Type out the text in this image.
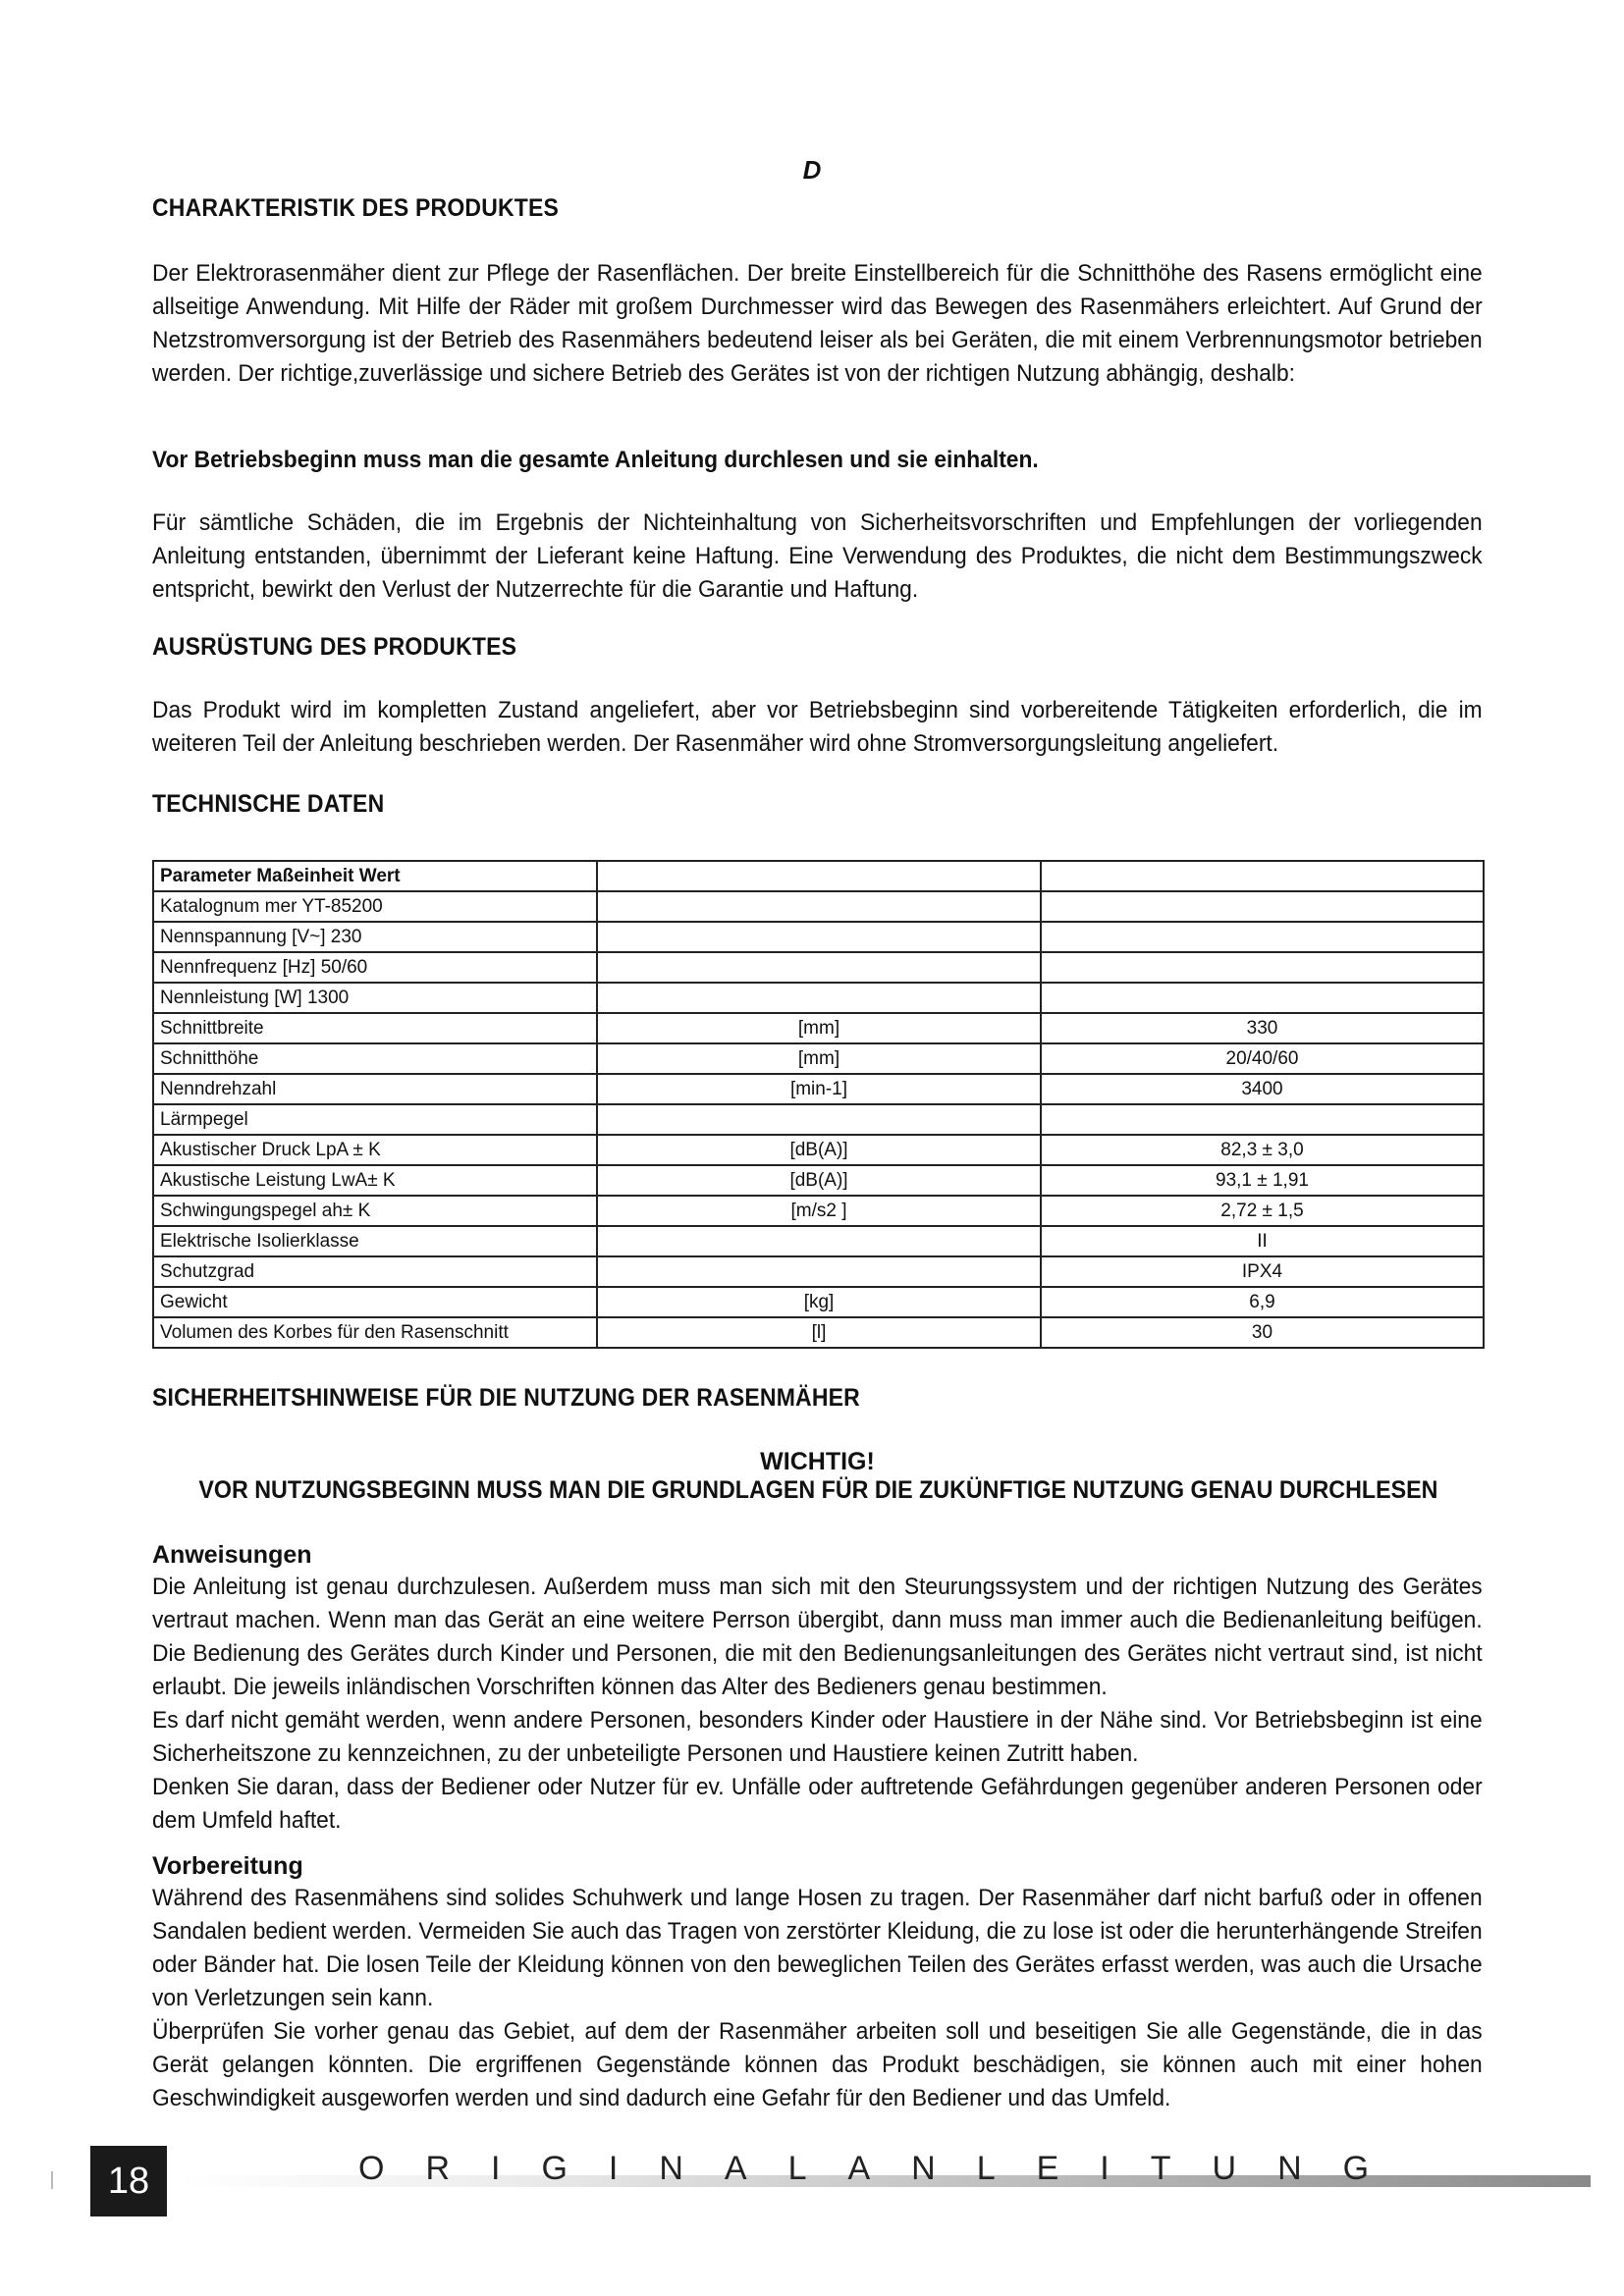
D
CHARAKTERISTIK DES PRODUKTES

Der Elektrorasenmäher dient zur Pflege der Rasenflächen. Der breite Einstellbereich für die Schnitthöhe des Rasens ermöglicht eine allseitige Anwendung. Mit Hilfe der Räder mit großem Durchmesser wird das Bewegen des Rasenmähers erleichtert. Auf Grund der Netzstromversorgung ist der Betrieb des Rasenmähers bedeutend leiser als bei Geräten, die mit einem Verbrennungsmotor betrieben werden. Der richtige,zuverlässige und sichere Betrieb des Gerätes ist von der richtigen Nutzung abhängig, deshalb:

Vor Betriebsbeginn muss man die gesamte Anleitung durchlesen und sie einhalten.

Für sämtliche Schäden, die im Ergebnis der Nichteinhaltung von Sicherheitsvorschriften und Empfehlungen der vorliegenden Anleitung entstanden, übernimmt der Lieferant keine Haftung. Eine Verwendung des Produktes, die nicht dem Bestimmungszweck entspricht, bewirkt den Verlust der Nutzerrechte für die Garantie und Haftung.

AUSRÜSTUNG DES PRODUKTES

Das Produkt wird im kompletten Zustand angeliefert, aber vor Betriebsbeginn sind vorbereitende Tätigkeiten erforderlich, die im weiteren Teil der Anleitung beschrieben werden. Der Rasenmäher wird ohne Stromversorgungsleitung angeliefert.

TECHNISCHE DATEN
Parameter Maßeinheit Wert		
Katalognum mer YT-85200		
Nennspannung [V~] 230		
Nennfrequenz [Hz] 50/60		
Nennleistung [W] 1300		
Schnittbreite	[mm]	330
Schnitthöhe	[mm]	20/40/60
Nenndrehzahl	[min-1]	3400
Lärmpegel		
Akustischer Druck LpA ± K	[dB(A)]	82,3 ± 3,0
Akustische Leistung LwA± K	[dB(A)]	93,1 ± 1,91
Schwingungspegel ah± K	[m/s2 ]	2,72 ± 1,5
Elektrische Isolierklasse		II
Schutzgrad		IPX4
Gewicht	[kg]	6,9
Volumen des Korbes für den Rasenschnitt	[l]	30
SICHERHEITSHINWEISE FÜR DIE NUTZUNG DER RASENMÄHER
WICHTIG!
VOR NUTZUNGSBEGINN MUSS MAN DIE GRUNDLAGEN FÜR DIE ZUKÜNFTIGE NUTZUNG GENAU DURCHLESEN
Anweisungen

Die Anleitung ist genau durchzulesen. Außerdem muss man sich mit den Steurungssystem und der richtigen Nutzung des Gerätes vertraut machen. Wenn man das Gerät an eine weitere Perrson übergibt, dann muss man immer auch die Bedienanleitung beifügen. Die Bedienung des Gerätes durch Kinder und Personen, die mit den Bedienungsanleitungen des Gerätes nicht vertraut sind, ist nicht erlaubt. Die jeweils inländischen Vorschriften können das Alter des Bedieners genau bestimmen.

Es darf nicht gemäht werden, wenn andere Personen, besonders Kinder oder Haustiere in der Nähe sind. Vor Betriebsbeginn ist eine Sicherheitszone zu kennzeichnen, zu der unbeteiligte Personen und Haustiere keinen Zutritt haben.

Denken Sie daran, dass der Bediener oder Nutzer für ev. Unfälle oder auftretende Gefährdungen gegenüber anderen Personen oder dem Umfeld haftet.

Vorbereitung

Während des Rasenmähens sind solides Schuhwerk und lange Hosen zu tragen. Der Rasenmäher darf nicht barfuß oder in offenen Sandalen bedient werden. Vermeiden Sie auch das Tragen von zerstörter Kleidung, die zu lose ist oder die herunterhängende Streifen oder Bänder hat. Die losen Teile der Kleidung können von den beweglichen Teilen des Gerätes erfasst werden, was auch die Ursache von Verletzungen sein kann.

Überprüfen Sie vorher genau das Gebiet, auf dem der Rasenmäher arbeiten soll und beseitigen Sie alle Gegenstände, die in das Gerät gelangen könnten. Die ergriffenen Gegenstände können das Produkt beschädigen, sie können auch mit einer hohen Geschwindigkeit ausgeworfen werden und sind dadurch eine Gefahr für den Bediener und das Umfeld.

18	ORIGINALANLEITUNG
